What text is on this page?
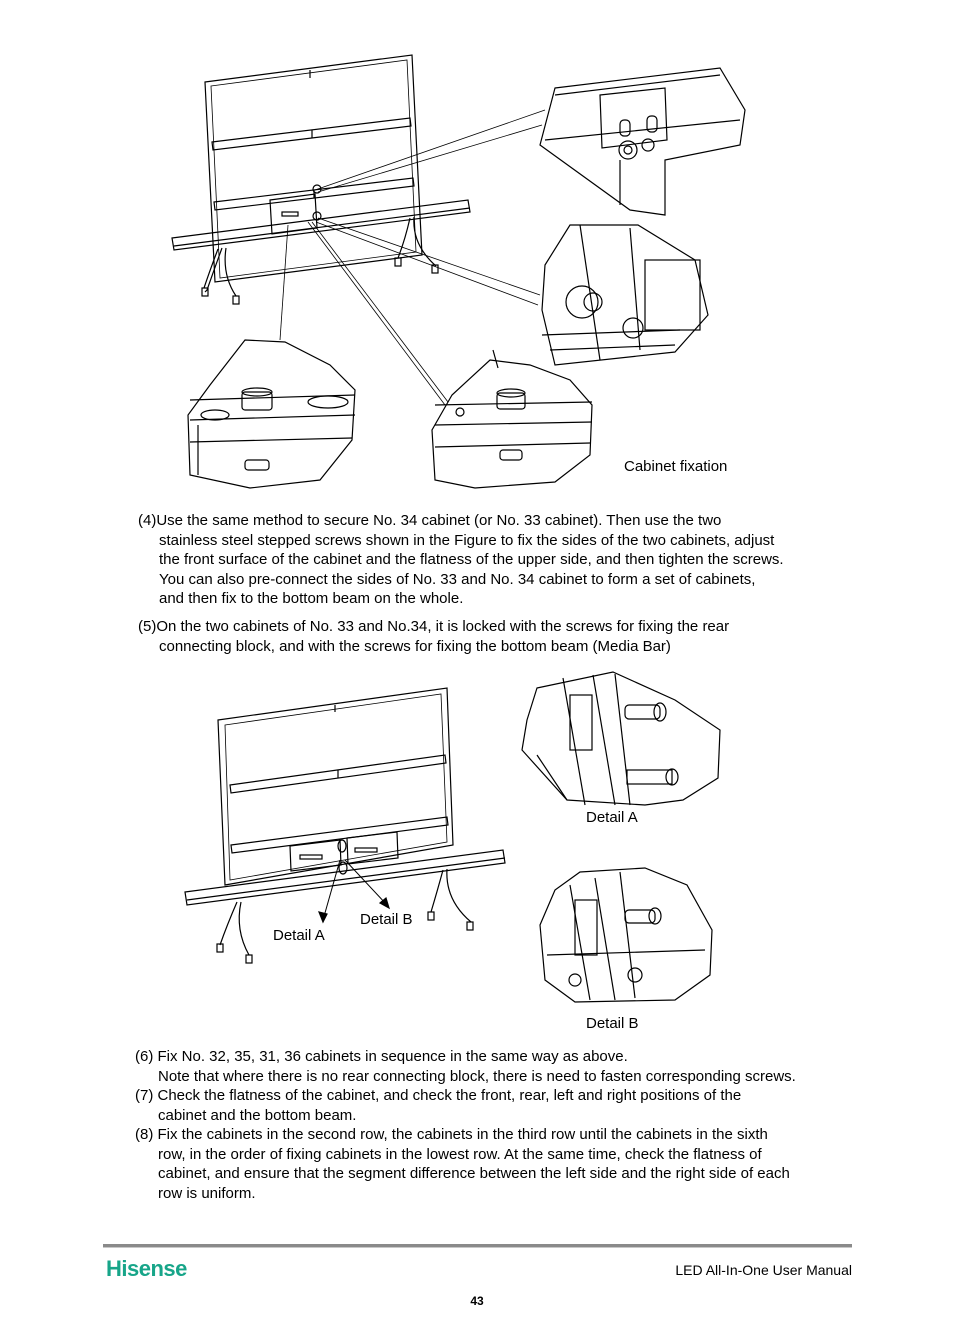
Cabinet fixation
(4)Use the same method to secure No. 34 cabinet (or No. 33 cabinet). Then use the two
stainless steel stepped screws shown in the Figure to fix the sides of the two cabinets, adjust
the front surface of the cabinet and the flatness of the upper side, and then tighten the screws.
You can also pre-connect the sides of No. 33 and No. 34 cabinet to form a set of cabinets,
and then fix to the bottom beam on the whole.
(5)On the two cabinets of No. 33 and No.34, it is locked with the screws for fixing the rear
connecting block, and with the screws for fixing the bottom beam (Media Bar)
Detail A
Detail B
Detail A
Detail B
(6) Fix No. 32, 35, 31, 36 cabinets in sequence in the same way as above.
Note that where there is no rear connecting block, there is need to fasten corresponding screws.
(7) Check the flatness of the cabinet, and check the front, rear, left and right positions of the
cabinet and the bottom beam.
(8) Fix the cabinets in the second row, the cabinets in the third row until the cabinets in the sixth
row, in the order of fixing cabinets in the lowest row. At the same time, check the flatness of
cabinet, and ensure that the segment difference between the left side and the right side of each
row is uniform.
Hisense	LED All-In-One User Manual
43
